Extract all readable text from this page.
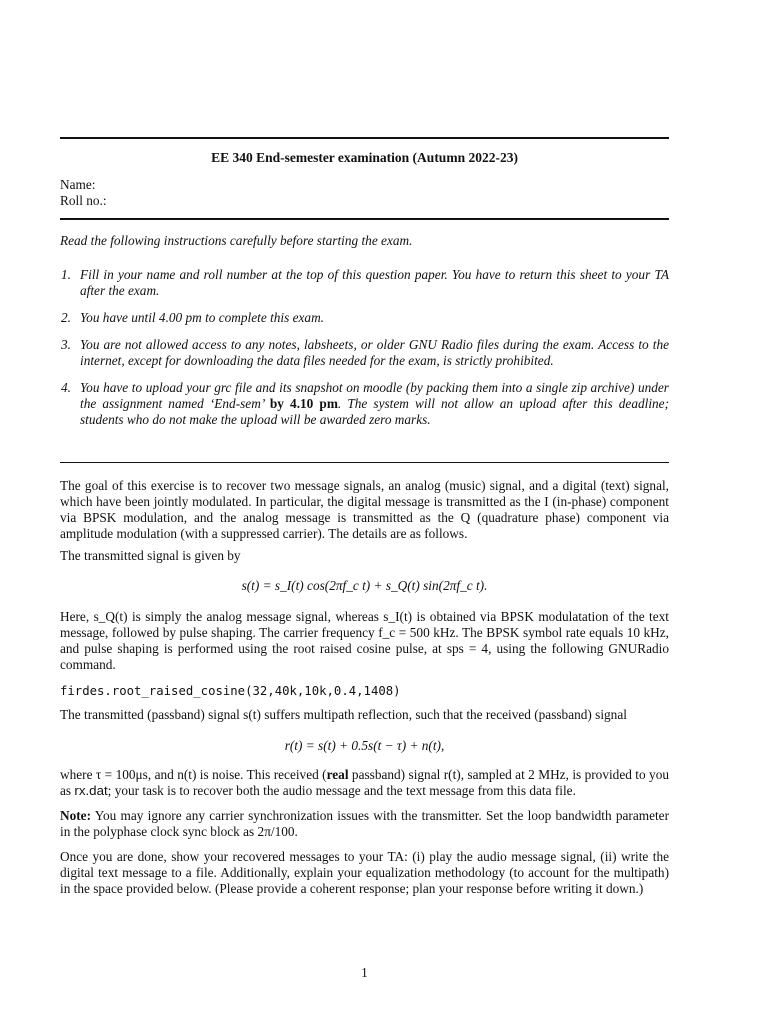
EE 340 End-semester examination (Autumn 2022-23)
Name:
Roll no.:
Read the following instructions carefully before starting the exam.
1. Fill in your name and roll number at the top of this question paper. You have to return this sheet to your TA after the exam.
2. You have until 4.00 pm to complete this exam.
3. You are not allowed access to any notes, labsheets, or older GNU Radio files during the exam. Access to the internet, except for downloading the data files needed for the exam, is strictly prohibited.
4. You have to upload your grc file and its snapshot on moodle (by packing them into a single zip archive) under the assignment named ‘End-sem’ by 4.10 pm. The system will not allow an upload after this deadline; students who do not make the upload will be awarded zero marks.
The goal of this exercise is to recover two message signals, an analog (music) signal, and a digital (text) signal, which have been jointly modulated. In particular, the digital message is transmitted as the I (in-phase) component via BPSK modulation, and the analog message is transmitted as the Q (quadrature phase) component via amplitude modulation (with a suppressed carrier). The details are as follows.
The transmitted signal is given by
s(t) = s_I(t) cos(2πf_c t) + s_Q(t) sin(2πf_c t).
Here, s_Q(t) is simply the analog message signal, whereas s_I(t) is obtained via BPSK modulatation of the text message, followed by pulse shaping. The carrier frequency f_c = 500 kHz. The BPSK symbol rate equals 10 kHz, and pulse shaping is performed using the root raised cosine pulse, at sps = 4, using the following GNURadio command.
firdes.root_raised_cosine(32,40k,10k,0.4,1408)
The transmitted (passband) signal s(t) suffers multipath reflection, such that the received (passband) signal
r(t) = s(t) + 0.5s(t − τ) + n(t),
where τ = 100μs, and n(t) is noise. This received (real passband) signal r(t), sampled at 2 MHz, is provided to you as rx.dat; your task is to recover both the audio message and the text message from this data file.
Note: You may ignore any carrier synchronization issues with the transmitter. Set the loop bandwidth parameter in the polyphase clock sync block as 2π/100.
Once you are done, show your recovered messages to your TA: (i) play the audio message signal, (ii) write the digital text message to a file. Additionally, explain your equalization methodology (to account for the multipath) in the space provided below. (Please provide a coherent response; plan your response before writing it down.)
1
